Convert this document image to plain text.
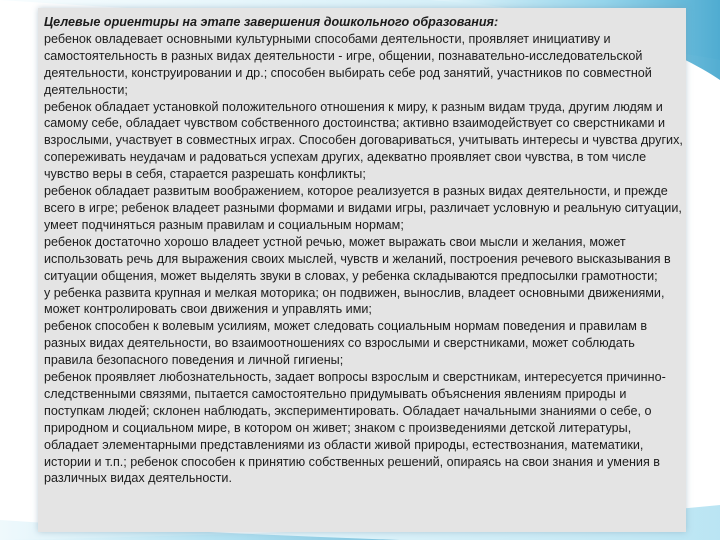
Целевые ориентиры на этапе завершения дошкольного образования:

ребенок овладевает основными культурными способами деятельности, проявляет инициативу и самостоятельность в разных видах деятельности - игре, общении, познавательно-исследовательской деятельности, конструировании и др.; способен выбирать себе род занятий, участников по совместной деятельности;

ребенок обладает установкой положительного отношения к миру, к разным видам труда, другим людям и самому себе, обладает чувством собственного достоинства; активно взаимодействует со сверстниками и взрослыми, участвует в совместных играх. Способен договариваться, учитывать интересы и чувства других, сопереживать неудачам и радоваться успехам других, адекватно проявляет свои чувства, в том числе чувство веры в себя, старается разрешать конфликты;

ребенок обладает развитым воображением, которое реализуется в разных видах деятельности, и прежде всего в игре; ребенок владеет разными формами и видами игры, различает условную и реальную ситуации, умеет подчиняться разным правилам и социальным нормам;

ребенок достаточно хорошо владеет устной речью, может выражать свои мысли и желания, может использовать речь для выражения своих мыслей, чувств и желаний, построения речевого высказывания в ситуации общения, может выделять звуки в словах, у ребенка складываются предпосылки грамотности;

у ребенка развита крупная и мелкая моторика; он подвижен, вынослив, владеет основными движениями, может контролировать свои движения и управлять ими;

ребенок способен к волевым усилиям, может следовать социальным нормам поведения и правилам в разных видах деятельности, во взаимоотношениях со взрослыми и сверстниками, может соблюдать правила безопасного поведения и личной гигиены;

ребенок проявляет любознательность, задает вопросы взрослым и сверстникам, интересуется причинно-следственными связями, пытается самостоятельно придумывать объяснения явлениям природы и поступкам людей; склонен наблюдать, экспериментировать. Обладает начальными знаниями о себе, о природном и социальном мире, в котором он живет; знаком с произведениями детской литературы, обладает элементарными представлениями из области живой природы, естествознания, математики, истории и т.п.; ребенок способен к принятию собственных решений, опираясь на свои знания и умения в различных видах деятельности.
